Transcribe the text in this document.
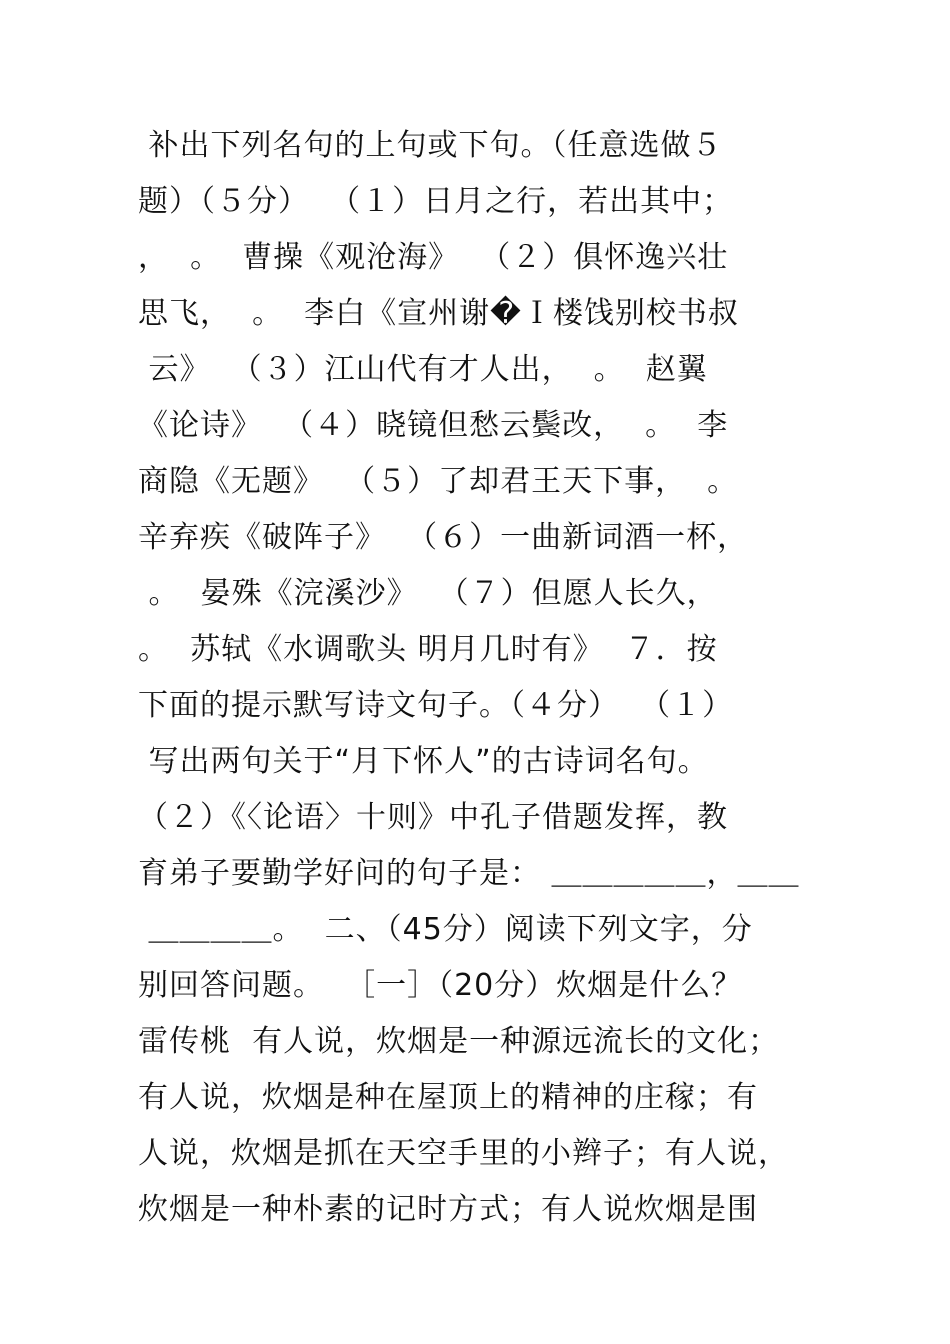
补出下列名句的上句或下句。（任意选做５
题）（５分）  （１）日月之行，若出其中；
，  。  曹操《观沧海》  （２）俱怀逸兴壮
思飞，  。  李白《宣州谢�Ｉ楼饯别校书叔
云》  （３）江山代有才人出，  。  赵翼
《论诗》  （４）晓镜但愁云鬓改，  。  李
商隐《无题》  （５）了却君王天下事，  。
辛弃疾《破阵子》  （６）一曲新词酒一杯，
。  晏殊《浣溪沙》  （７）但愿人长久，
。  苏轼《水调歌头 明月几时有》  ７．按
下面的提示默写诗文句子。（４分）  （１）
写出两句关于“月下怀人”的古诗词名句。
（２）《〈论语〉十则》中孔子借题发挥，教
育弟子要勤学好问的句子是： ＿＿＿＿＿，＿＿
＿＿＿＿。  二、（45分）阅读下列文字，分
别回答问题。  ［一］（20分）炊烟是什么？
雷传桃  有人说，炊烟是一种源远流长的文化；
有人说，炊烟是种在屋顶上的精神的庄稼；有
人说，炊烟是抓在天空手里的小辫子；有人说，
炊烟是一种朴素的记时方式；有人说炊烟是围
